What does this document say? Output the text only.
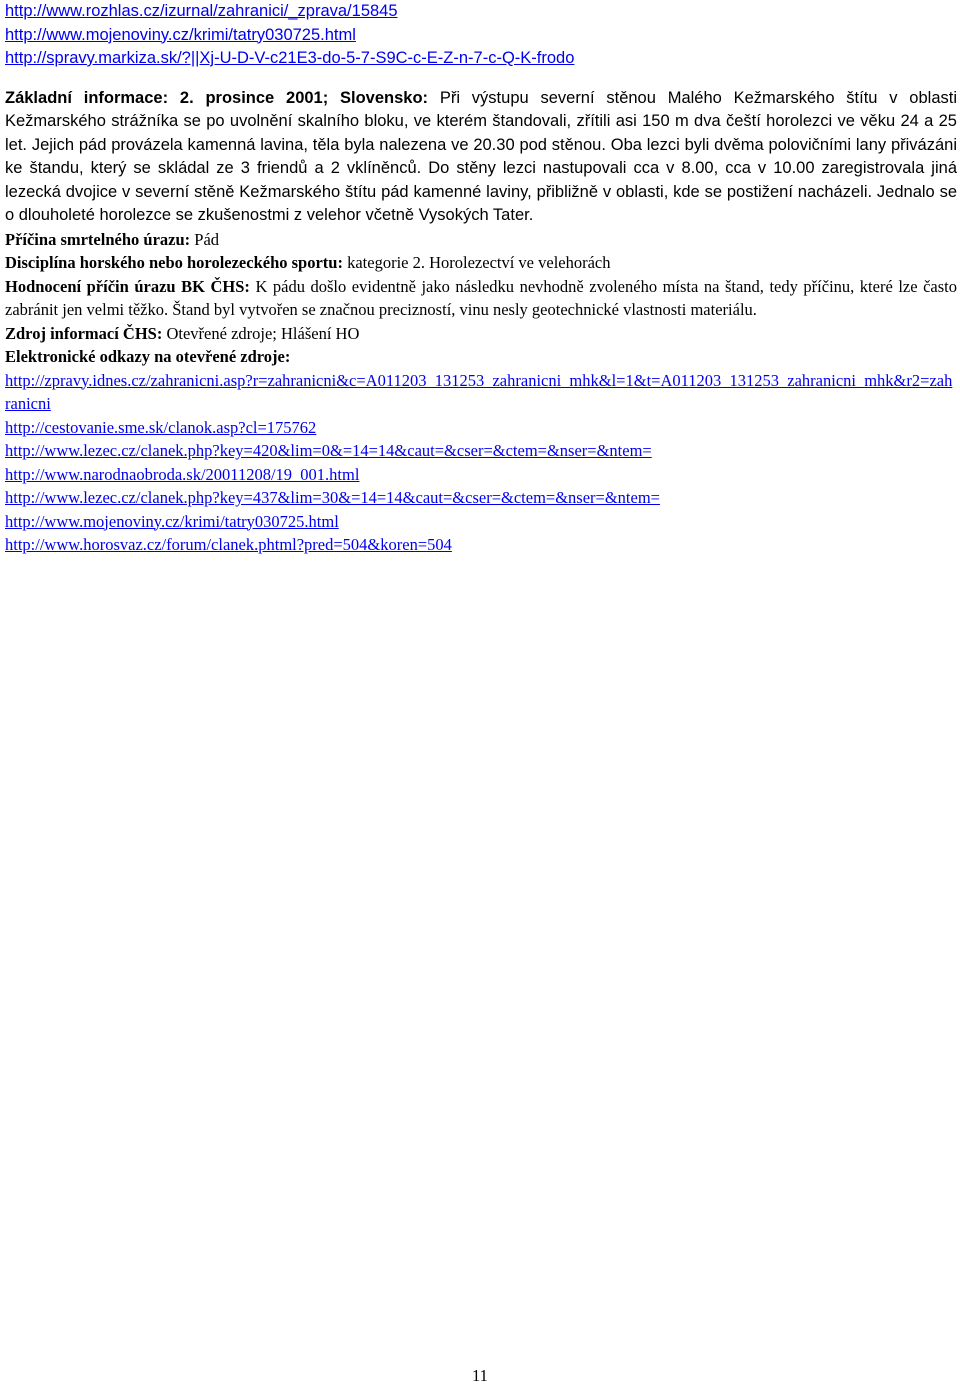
http://www.rozhlas.cz/izurnal/zahranici/_zprava/15845
http://www.mojenoviny.cz/krimi/tatry030725.html
http://spravy.markiza.sk/?||Xj-U-D-V-c21E3-do-5-7-S9C-c-E-Z-n-7-c-Q-K-frodo
Základní informace: 2. prosince 2001; Slovensko: Při výstupu severní stěnou Malého Kežmarského štítu v oblasti Kežmarského strážníka se po uvolnění skalního bloku, ve kterém štandovali, zřítili asi 150 m dva čeští horolezci ve věku 24 a 25 let. Jejich pád provázela kamenná lavina, těla byla nalezena ve 20.30 pod stěnou. Oba lezci byli dvěma polovičními lany přivázáni ke štandu, který se skládal ze 3 friendů a 2 vklíněnců. Do stěny lezci nastupovali cca v 8.00, cca v 10.00 zaregistrovala jiná lezecká dvojice v severní stěně Kežmarského štítu pád kamenné laviny, přibližně v oblasti, kde se postižení nacházeli. Jednalo se o dlouholeté horolezce se zkušenostmi z velehor včetně Vysokých Tater.
Příčina smrtelného úrazu: Pád
Disciplína horského nebo horolezeckého sportu: kategorie 2. Horolezectví ve velehorách
Hodnocení příčin úrazu BK ČHS: K pádu došlo evidentně jako následku nevhodně zvoleného místa na štand, tedy příčinu, které lze často zabránit jen velmi těžko. Štand byl vytvořen se značnou precizností, vinu nesly geotechnické vlastnosti materiálu.
Zdroj informací ČHS: Otevřené zdroje; Hlášení HO
Elektronické odkazy na otevřené zdroje:
http://zpravy.idnes.cz/zahranicni.asp?r=zahranicni&c=A011203_131253_zahranicni_mhk&l=1&t=A011203_131253_zahranicni_mhk&r2=zahranicni
http://cestovanie.sme.sk/clanok.asp?cl=175762
http://www.lezec.cz/clanek.php?key=420&lim=0&=14=14&caut=&cser=&ctem=&nser=&ntem=
http://www.narodnaobroda.sk/20011208/19_001.html
http://www.lezec.cz/clanek.php?key=437&lim=30&=14=14&caut=&cser=&ctem=&nser=&ntem=
http://www.mojenoviny.cz/krimi/tatry030725.html
http://www.horosvaz.cz/forum/clanek.phtml?pred=504&koren=504
11
